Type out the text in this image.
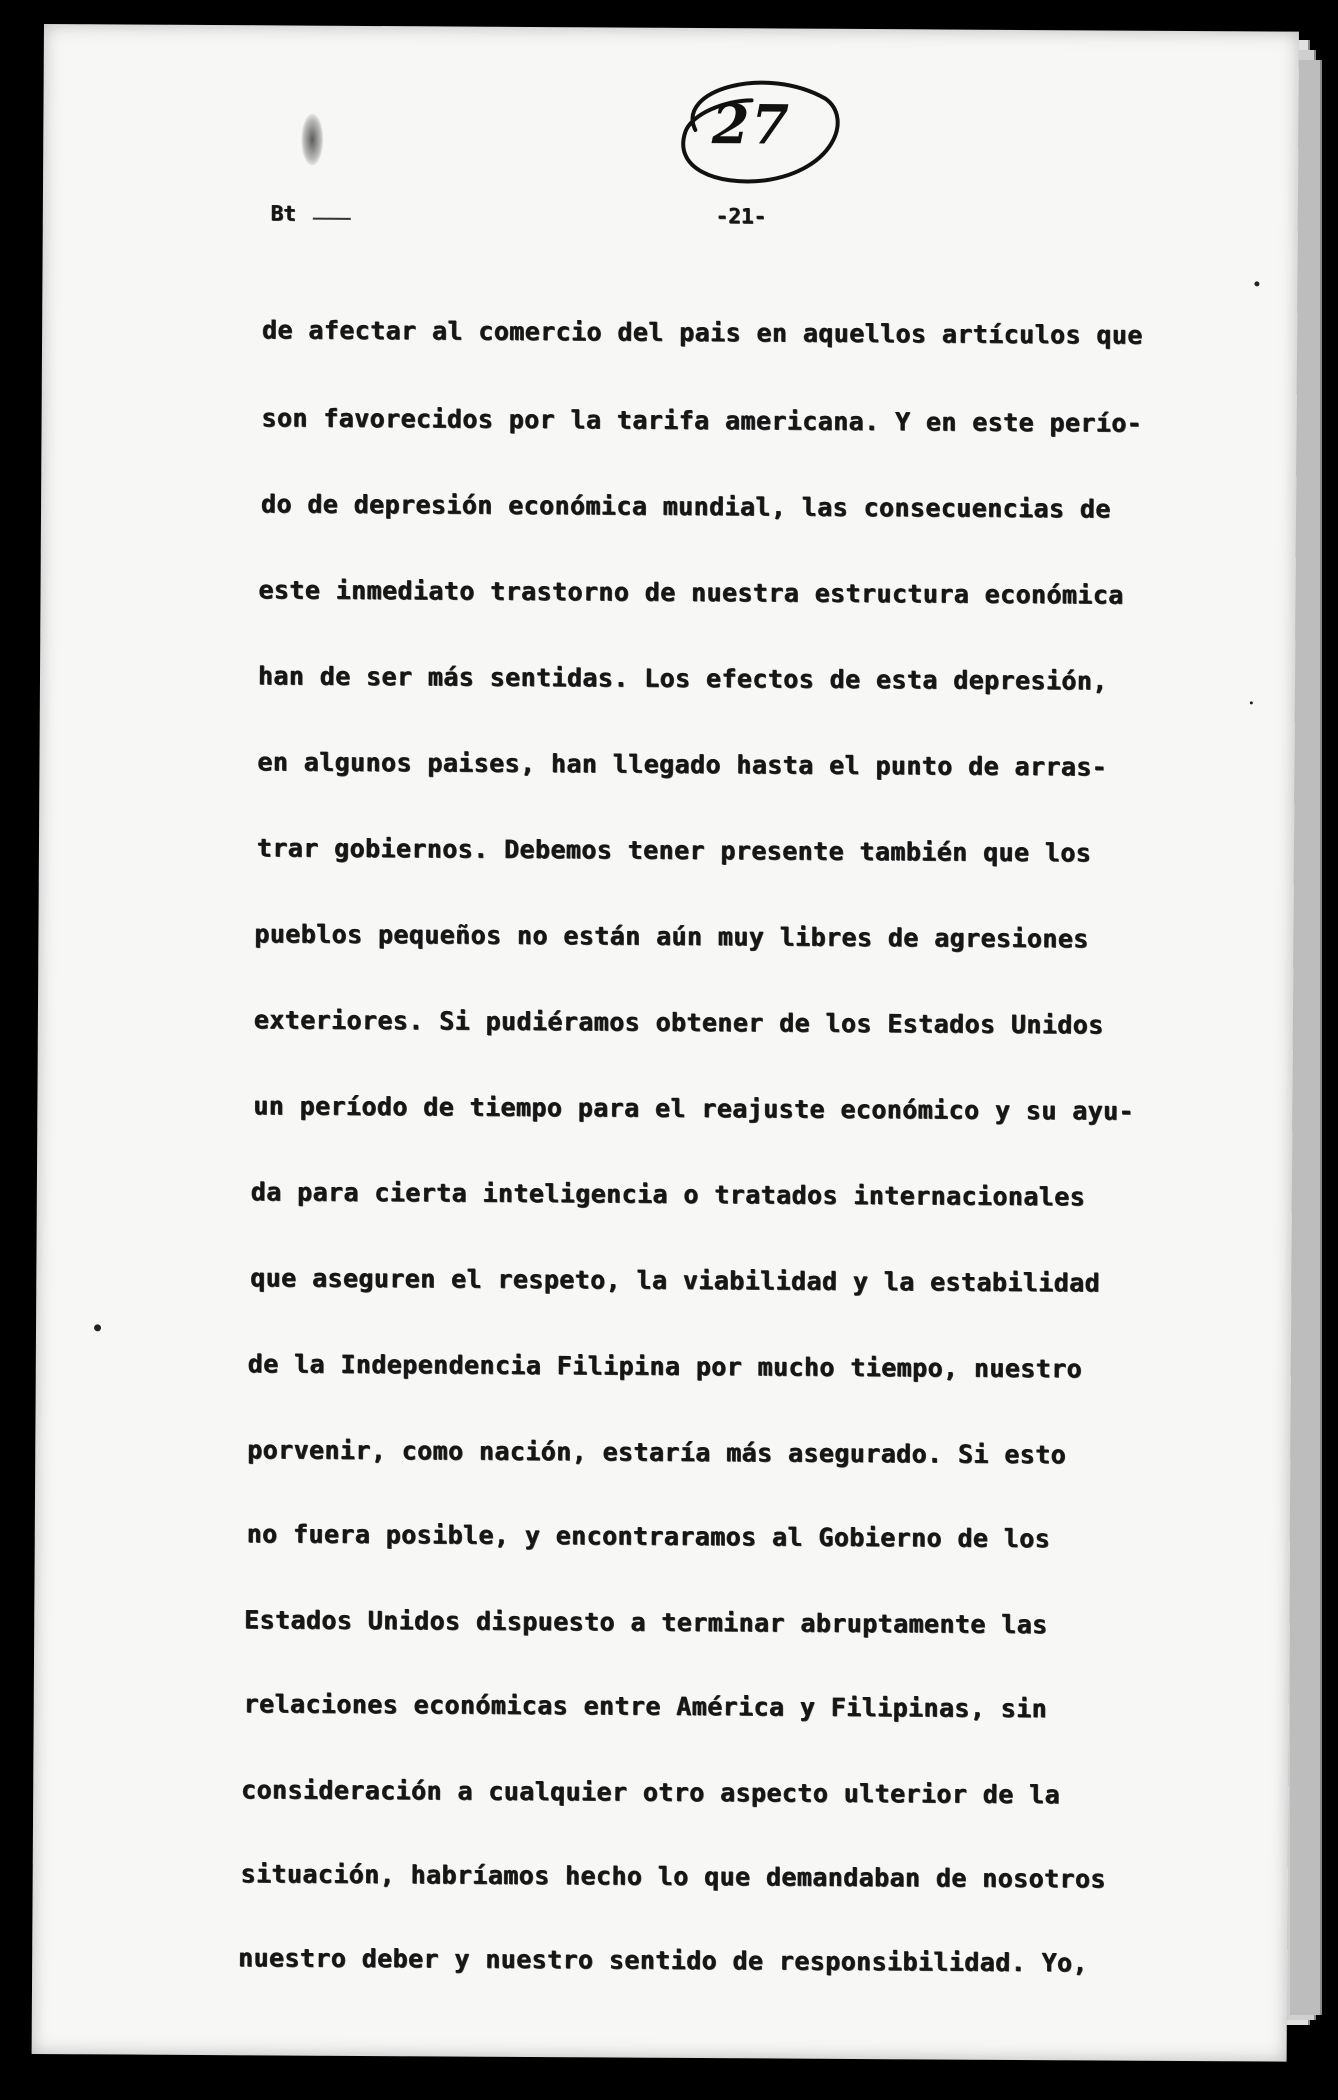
27
Bt	-21-
de afectar al comercio del pais en aquellos artículos que
son favorecidos por la tarifa americana. Y en este perío-
do de depresión económica mundial, las consecuencias de
este inmediato trastorno de nuestra estructura económica
han de ser más sentidas. Los efectos de esta depresión,
en algunos paises, han llegado hasta el punto de arras-
trar gobiernos. Debemos tener presente también que los
pueblos pequeños no están aún muy libres de agresiones
exteriores. Si pudiéramos obtener de los Estados Unidos
un período de tiempo para el reajuste económico y su ayu-
da para cierta inteligencia o tratados internacionales
que aseguren el respeto, la viabilidad y la estabilidad
de la Independencia Filipina por mucho tiempo, nuestro
porvenir, como nación, estaría más asegurado. Si esto
no fuera posible, y encontraramos al Gobierno de los
Estados Unidos dispuesto a terminar abruptamente las
relaciones económicas entre América y Filipinas, sin
consideración a cualquier otro aspecto ulterior de la
situación, habríamos hecho lo que demandaban de nosotros
nuestro deber y nuestro sentido de responsibilidad. Yo,
